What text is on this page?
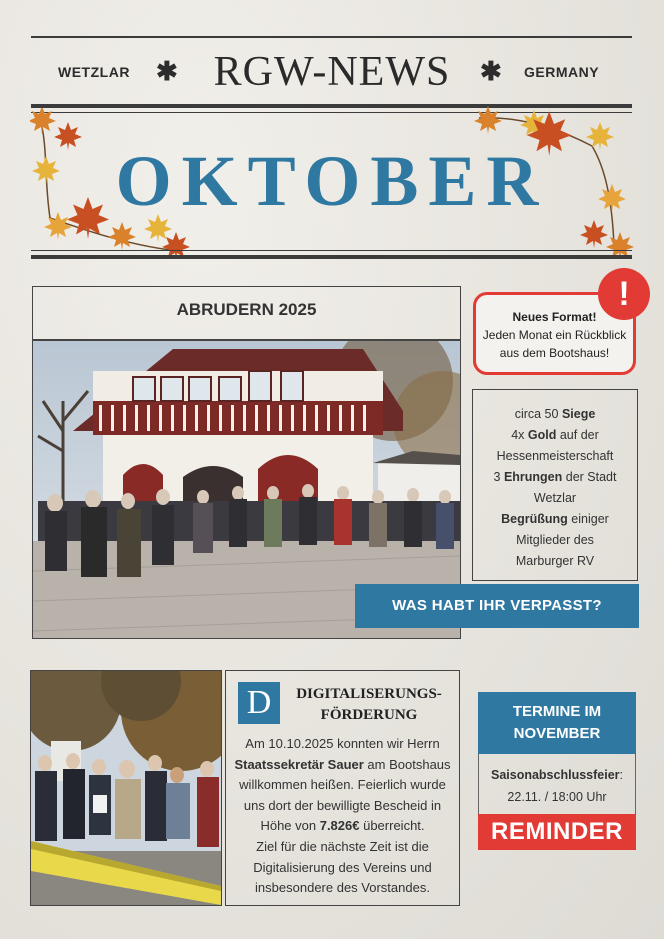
WETZLAR ✱ RGW-NEWS	✱ GERMANY
OKTOBER
ABRUDERN 2025	Neues Format!
Jeden Monat ein Rückblick
aus dem Bootshaus!
!
circa 50 Siege
4x Gold auf der
Hessenmeisterschaft
3 Ehrungen der Stadt
Wetzlar
Begrüßung einiger
Mitglieder des
Marburger RV
WAS HABT IHR VERPASST?
D	DIGITALISERUNGS-
FÖRDERUNG
Am 10.10.2025 konnten wir Herrn
Staatssekretär Sauer am Bootshaus
willkommen heißen. Feierlich wurde
uns dort der bewilligte Bescheid in
Höhe von 7.826€ überreicht.
Ziel für die nächste Zeit ist die
Digitalisierung des Vereins und
insbesondere des Vorstandes.
TERMINE IM
NOVEMBER
Saisonabschlussfeier:
22.11. / 18:00 Uhr
REMINDER
